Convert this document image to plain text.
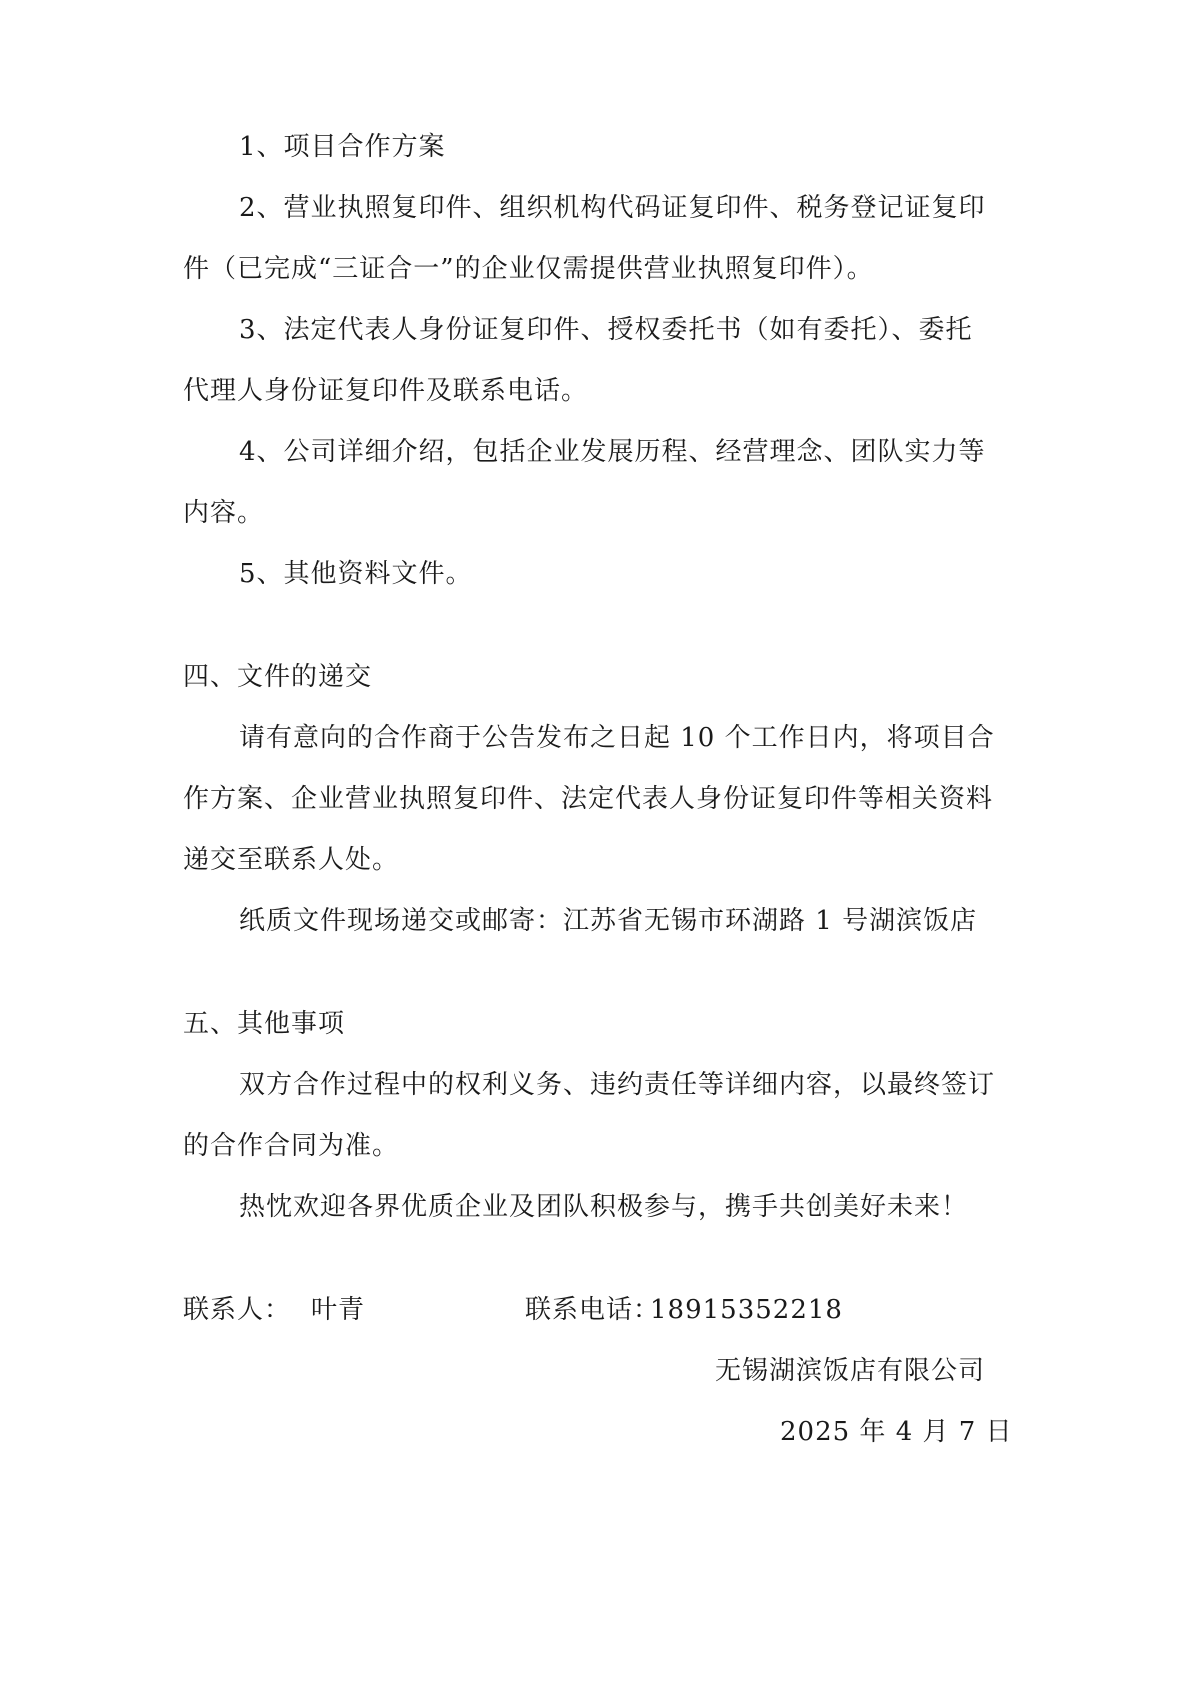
1、项目合作方案
2、营业执照复印件、组织机构代码证复印件、税务登记证复印
件（已完成“三证合一”的企业仅需提供营业执照复印件）。
3、法定代表人身份证复印件、授权委托书（如有委托）、委托
代理人身份证复印件及联系电话。
4、公司详细介绍，包括企业发展历程、经营理念、团队实力等
内容。
5、其他资料文件。
四、文件的递交
请有意向的合作商于公告发布之日起 10 个工作日内，将项目合
作方案、企业营业执照复印件、法定代表人身份证复印件等相关资料
递交至联系人处。
纸质文件现场递交或邮寄：江苏省无锡市环湖路 1 号湖滨饭店
五、其他事项
双方合作过程中的权利义务、违约责任等详细内容，以最终签订
的合作合同为准。
热忱欢迎各界优质企业及团队积极参与，携手共创美好未来！
联系人： 叶青	联系电话：
18915352218
无锡湖滨饭店有限公司
2025 年 4 月 7 日
